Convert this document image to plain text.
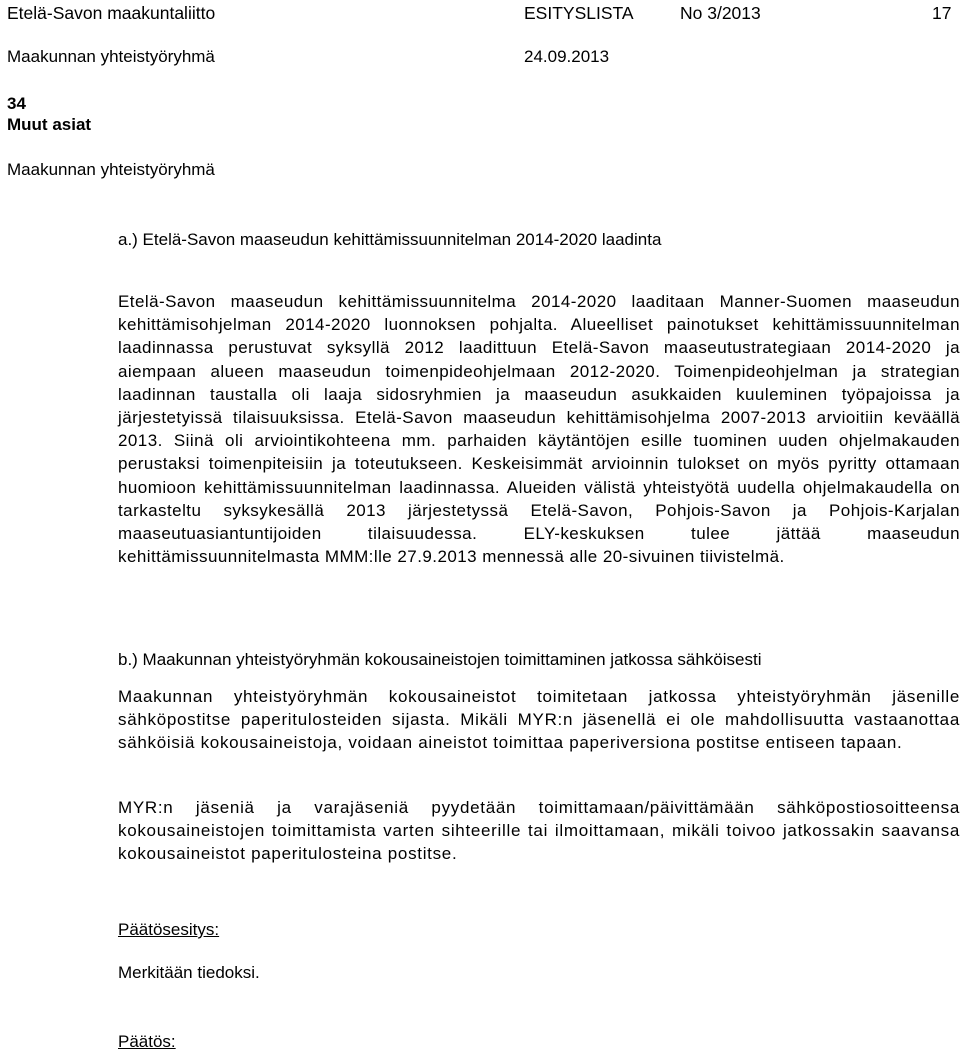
Etelä-Savon maakuntaliitto	ESITYSLISTA	No 3/2013	17
Maakunnan yhteistyöryhmä	24.09.2013
34
Muut asiat
Maakunnan yhteistyöryhmä
a.) Etelä-Savon maaseudun kehittämissuunnitelman 2014-2020 laadinta
Etelä-Savon maaseudun kehittämissuunnitelma 2014-2020 laaditaan Manner-Suomen maaseudun kehittämisohjelman 2014-2020 luonnoksen pohjalta. Alueelliset painotukset kehittämissuunnitelman laadinnassa perustuvat syksyllä 2012 laadittuun Etelä-Savon maaseutustrategiaan 2014-2020 ja aiempaan alueen maaseudun toimenpideohjelmaan 2012-2020. Toimenpideohjelman ja strategian laadinnan taustalla oli laaja sidosryhmien ja maaseudun asukkaiden kuuleminen työpajoissa ja järjestetyissä tilaisuuksissa. Etelä-Savon maaseudun kehittämisohjelma 2007-2013 arvioitiin keväällä 2013. Siinä oli arviointikohteena mm. parhaiden käytäntöjen esille tuominen uuden ohjelmakauden perustaksi toimenpiteisiin ja toteutukseen. Keskeisimmät arvioinnin tulokset on myös pyritty ottamaan huomioon kehittämissuunnitelman laadinnassa. Alueiden välistä yhteistyötä uudella ohjelmakaudella on tarkasteltu syksykesällä 2013 järjestetyssä Etelä-Savon, Pohjois-Savon ja Pohjois-Karjalan maaseutuasiantuntijoiden tilaisuudessa. ELY-keskuksen tulee jättää maaseudun kehittämissuunnitelmasta MMM:lle 27.9.2013 mennessä alle 20-sivuinen tiivistelmä.
b.) Maakunnan yhteistyöryhmän kokousaineistojen toimittaminen jatkossa sähköisesti
Maakunnan yhteistyöryhmän kokousaineistot toimitetaan jatkossa yhteistyöryhmän jäsenille sähköpostitse paperitulosteiden sijasta. Mikäli MYR:n jäsenellä ei ole mahdollisuutta vastaanottaa sähköisiä kokousaineistoja, voidaan aineistot toimittaa paperiversiona postitse entiseen tapaan.
MYR:n jäseniä ja varajäseniä pyydetään toimittamaan/päivittämään sähköpostiosoitteensa kokousaineistojen toimittamista varten sihteerille tai ilmoittamaan, mikäli toivoo jatkossakin saavansa kokousaineistot paperitulosteina postitse.
Päätösesitys:
Merkitään tiedoksi.
Päätös:
